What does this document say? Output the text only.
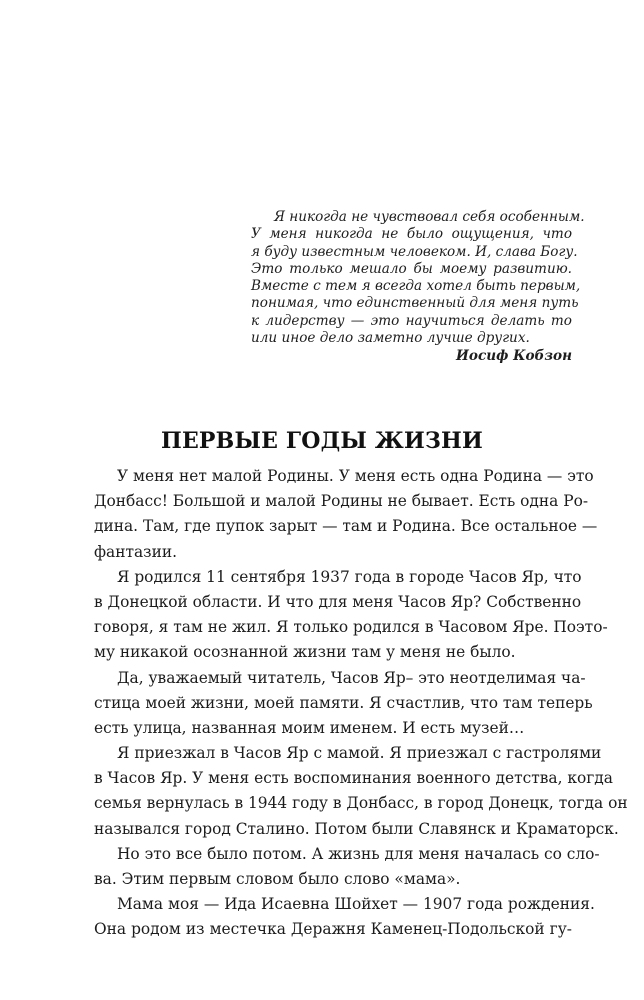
Я никогда не чувствовал себя особенным.
У меня никогда не было ощущения, что
я буду известным человеком. И, слава Богу.
Это только мешало бы моему развитию.
Вместе с тем я всегда хотел быть первым,
понимая, что единственный для меня путь
к лидерству — это научиться делать то
или иное дело заметно лучше других.
Иосиф Кобзон
ПЕРВЫЕ ГОДЫ ЖИЗНИ
У меня нет малой Родины. У меня есть одна Родина — это
Донбасс! Большой и малой Родины не бывает. Есть одна Ро-
дина. Там, где пупок зарыт — там и Родина. Все остальное —
фантазии.
Я родился 11 сентября 1937 года в городе Часов Яр, что
в Донецкой области. И что для меня Часов Яр? Собственно
говоря, я там не жил. Я только родился в Часовом Яре. Поэто-
му никакой осознанной жизни там у меня не было.
Да, уважаемый читатель, Часов Яр– это неотделимая ча-
стица моей жизни, моей памяти. Я счастлив, что там теперь
есть улица, названная моим именем. И есть музей…
Я приезжал в Часов Яр с мамой. Я приезжал с гастролями
в Часов Яр. У меня есть воспоминания военного детства, когда
семья вернулась в 1944 году в Донбасс, в город Донецк, тогда он
назывался город Сталино. Потом были Славянск и Краматорск.
Но это все было потом. А жизнь для меня началась со сло-
ва. Этим первым словом было слово «мама».
Мама моя — Ида Исаевна Шойхет — 1907 года рождения.
Она родом из местечка Деражня Каменец-Подольской гу-
